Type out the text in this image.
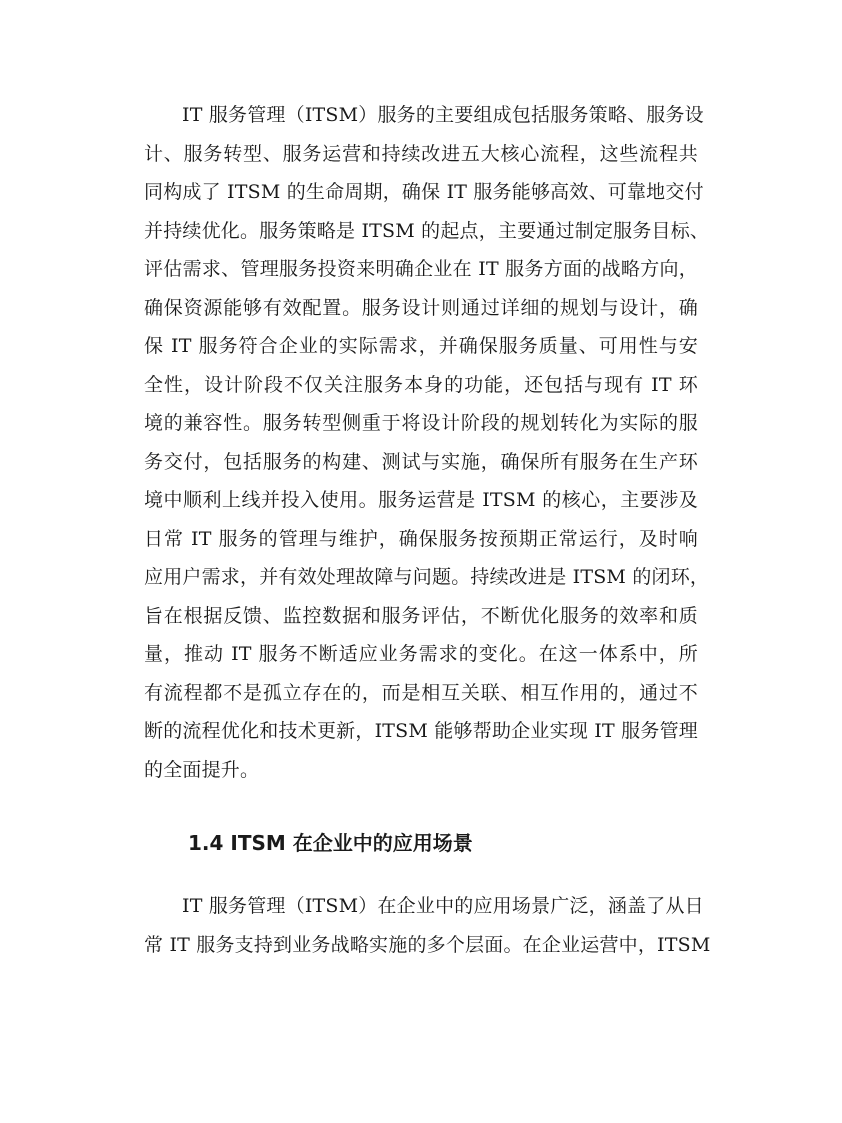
IT 服务管理（ITSM）服务的主要组成包括服务策略、服务设
计、服务转型、服务运营和持续改进五大核心流程，这些流程共
同构成了 ITSM 的生命周期，确保 IT 服务能够高效、可靠地交付
并持续优化。服务策略是 ITSM 的起点，主要通过制定服务目标、
评估需求、管理服务投资来明确企业在 IT 服务方面的战略方向，
确保资源能够有效配置。服务设计则通过详细的规划与设计，确
保 IT 服务符合企业的实际需求，并确保服务质量、可用性与安
全性，设计阶段不仅关注服务本身的功能，还包括与现有 IT 环
境的兼容性。服务转型侧重于将设计阶段的规划转化为实际的服
务交付，包括服务的构建、测试与实施，确保所有服务在生产环
境中顺利上线并投入使用。服务运营是 ITSM 的核心，主要涉及
日常 IT 服务的管理与维护，确保服务按预期正常运行，及时响
应用户需求，并有效处理故障与问题。持续改进是 ITSM 的闭环，
旨在根据反馈、监控数据和服务评估，不断优化服务的效率和质
量，推动 IT 服务不断适应业务需求的变化。在这一体系中，所
有流程都不是孤立存在的，而是相互关联、相互作用的，通过不
断的流程优化和技术更新，ITSM 能够帮助企业实现 IT 服务管理
的全面提升。
1.4 ITSM 在企业中的应用场景
IT 服务管理（ITSM）在企业中的应用场景广泛，涵盖了从日
常 IT 服务支持到业务战略实施的多个层面。在企业运营中，ITSM
